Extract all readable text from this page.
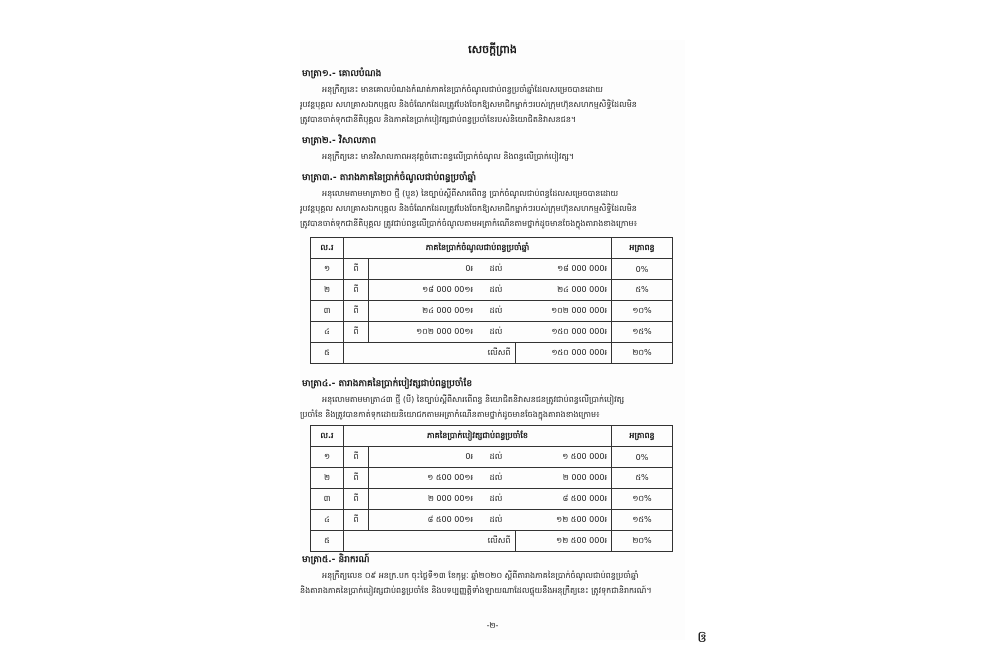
សេចក្ដីព្រាង
មាត្រា១.- គោលបំណង
អនុក្រឹត្យនេះ មានគោលបំណងកំណត់ភាគនៃប្រាក់ចំណូលជាប់ពន្ធប្រចាំឆ្នាំដែលសម្រេចបានដោយ
រូបវន្តបុគ្គល សហគ្រាសឯកបុគ្គល និងចំណែកដែលត្រូវបែងចែកឱ្យសមាជិកម្នាក់ៗរបស់ក្រុមហ៊ុនសហកម្មសិទ្ធិដែលមិន
ត្រូវបានចាត់ទុកជានីតិបុគ្គល និងភាគនៃប្រាក់បៀវត្សជាប់ពន្ធប្រចាំខែរបស់និយោជិតនិវាសនជន។
មាត្រា២.- វិសាលភាព
អនុក្រឹត្យនេះ មានវិសាលភាពអនុវត្តចំពោះពន្ធលើប្រាក់ចំណូល និងពន្ធលើប្រាក់បៀវត្ស។
មាត្រា៣.- តារាងភាគនៃប្រាក់ចំណូលជាប់ពន្ធប្រចាំឆ្នាំ
អនុលោមតាមមាត្រា២០ ថ្មី (បួន) នៃច្បាប់ស្ដីពីសារពើពន្ធ ប្រាក់ចំណូលជាប់ពន្ធដែលសម្រេចបានដោយ
រូបវន្តបុគ្គល សហគ្រាសឯកបុគ្គល និងចំណែកដែលត្រូវបែងចែកឱ្យសមាជិកម្នាក់ៗរបស់ក្រុមហ៊ុនសហកម្មសិទ្ធិដែលមិន
ត្រូវបានចាត់ទុកជានីតិបុគ្គល ត្រូវជាប់ពន្ធលើប្រាក់ចំណូលតាមអត្រាកំណើនតាមថ្នាក់ដូចមានចែងក្នុងតារាងខាងក្រោម៖
ល.រ	ភាគនៃប្រាក់ចំណូលជាប់ពន្ធប្រចាំឆ្នាំ				អត្រាពន្ធ
១	ពី	0៛	ដល់	១៨ 000 000៛	0%
២	ពី	១៨ 000 00១៛	ដល់	២៤ 000 000៛	៥%
៣	ពី	២៤ 000 00១៛	ដល់	១០២ 000 000៛	១០%
៤	ពី	១០២ 000 00១៛	ដល់	១៥០ 000 000៛	១៥%
៥	លើសពី			១៥០ 000 000៛	២០%
មាត្រា៤.- តារាងភាគនៃប្រាក់បៀវត្សជាប់ពន្ធប្រចាំខែ
អនុលោមតាមមាត្រា៤៣ ថ្មី (បី) នៃច្បាប់ស្ដីពីសារពើពន្ធ និយោជិតនិវាសនជនត្រូវជាប់ពន្ធលើប្រាក់បៀវត្ស
ប្រចាំខែ និងត្រូវបានកាត់ទុកដោយនិយោជកតាមអត្រាកំណើនតាមថ្នាក់ដូចមានចែងក្នុងតារាងខាងក្រោម៖
ល.រ	ភាគនៃប្រាក់បៀវត្សជាប់ពន្ធប្រចាំខែ				អត្រាពន្ធ
១	ពី	0៛	ដល់	១ ៥00 000៛	0%
២	ពី	១ ៥00 00១៛	ដល់	២ 000 000៛	៥%
៣	ពី	២ 000 00១៛	ដល់	៨ ៥00 000៛	១០%
៤	ពី	៨ ៥00 00១៛	ដល់	១២ ៥00 000៛	១៥%
៥	លើសពី			១២ ៥00 000៛	២០%
មាត្រា៥.- និរាករណ៍
អនុក្រឹត្យលេខ ០៩ អនក្រ.បក ចុះថ្ងៃទី១៣ ខែកុម្ភៈ ឆ្នាំ២០២០ ស្ដីពីតារាងភាគនៃប្រាក់ចំណូលជាប់ពន្ធប្រចាំឆ្នាំ
និងតារាងភាគនៃប្រាក់បៀវត្សជាប់ពន្ធប្រចាំខែ និងបទប្បញ្ញត្តិទាំងឡាយណាដែលផ្ទុយនឹងអនុក្រឹត្យនេះ ត្រូវទុកជានិរាករណ៍។
-២-
ឲ
